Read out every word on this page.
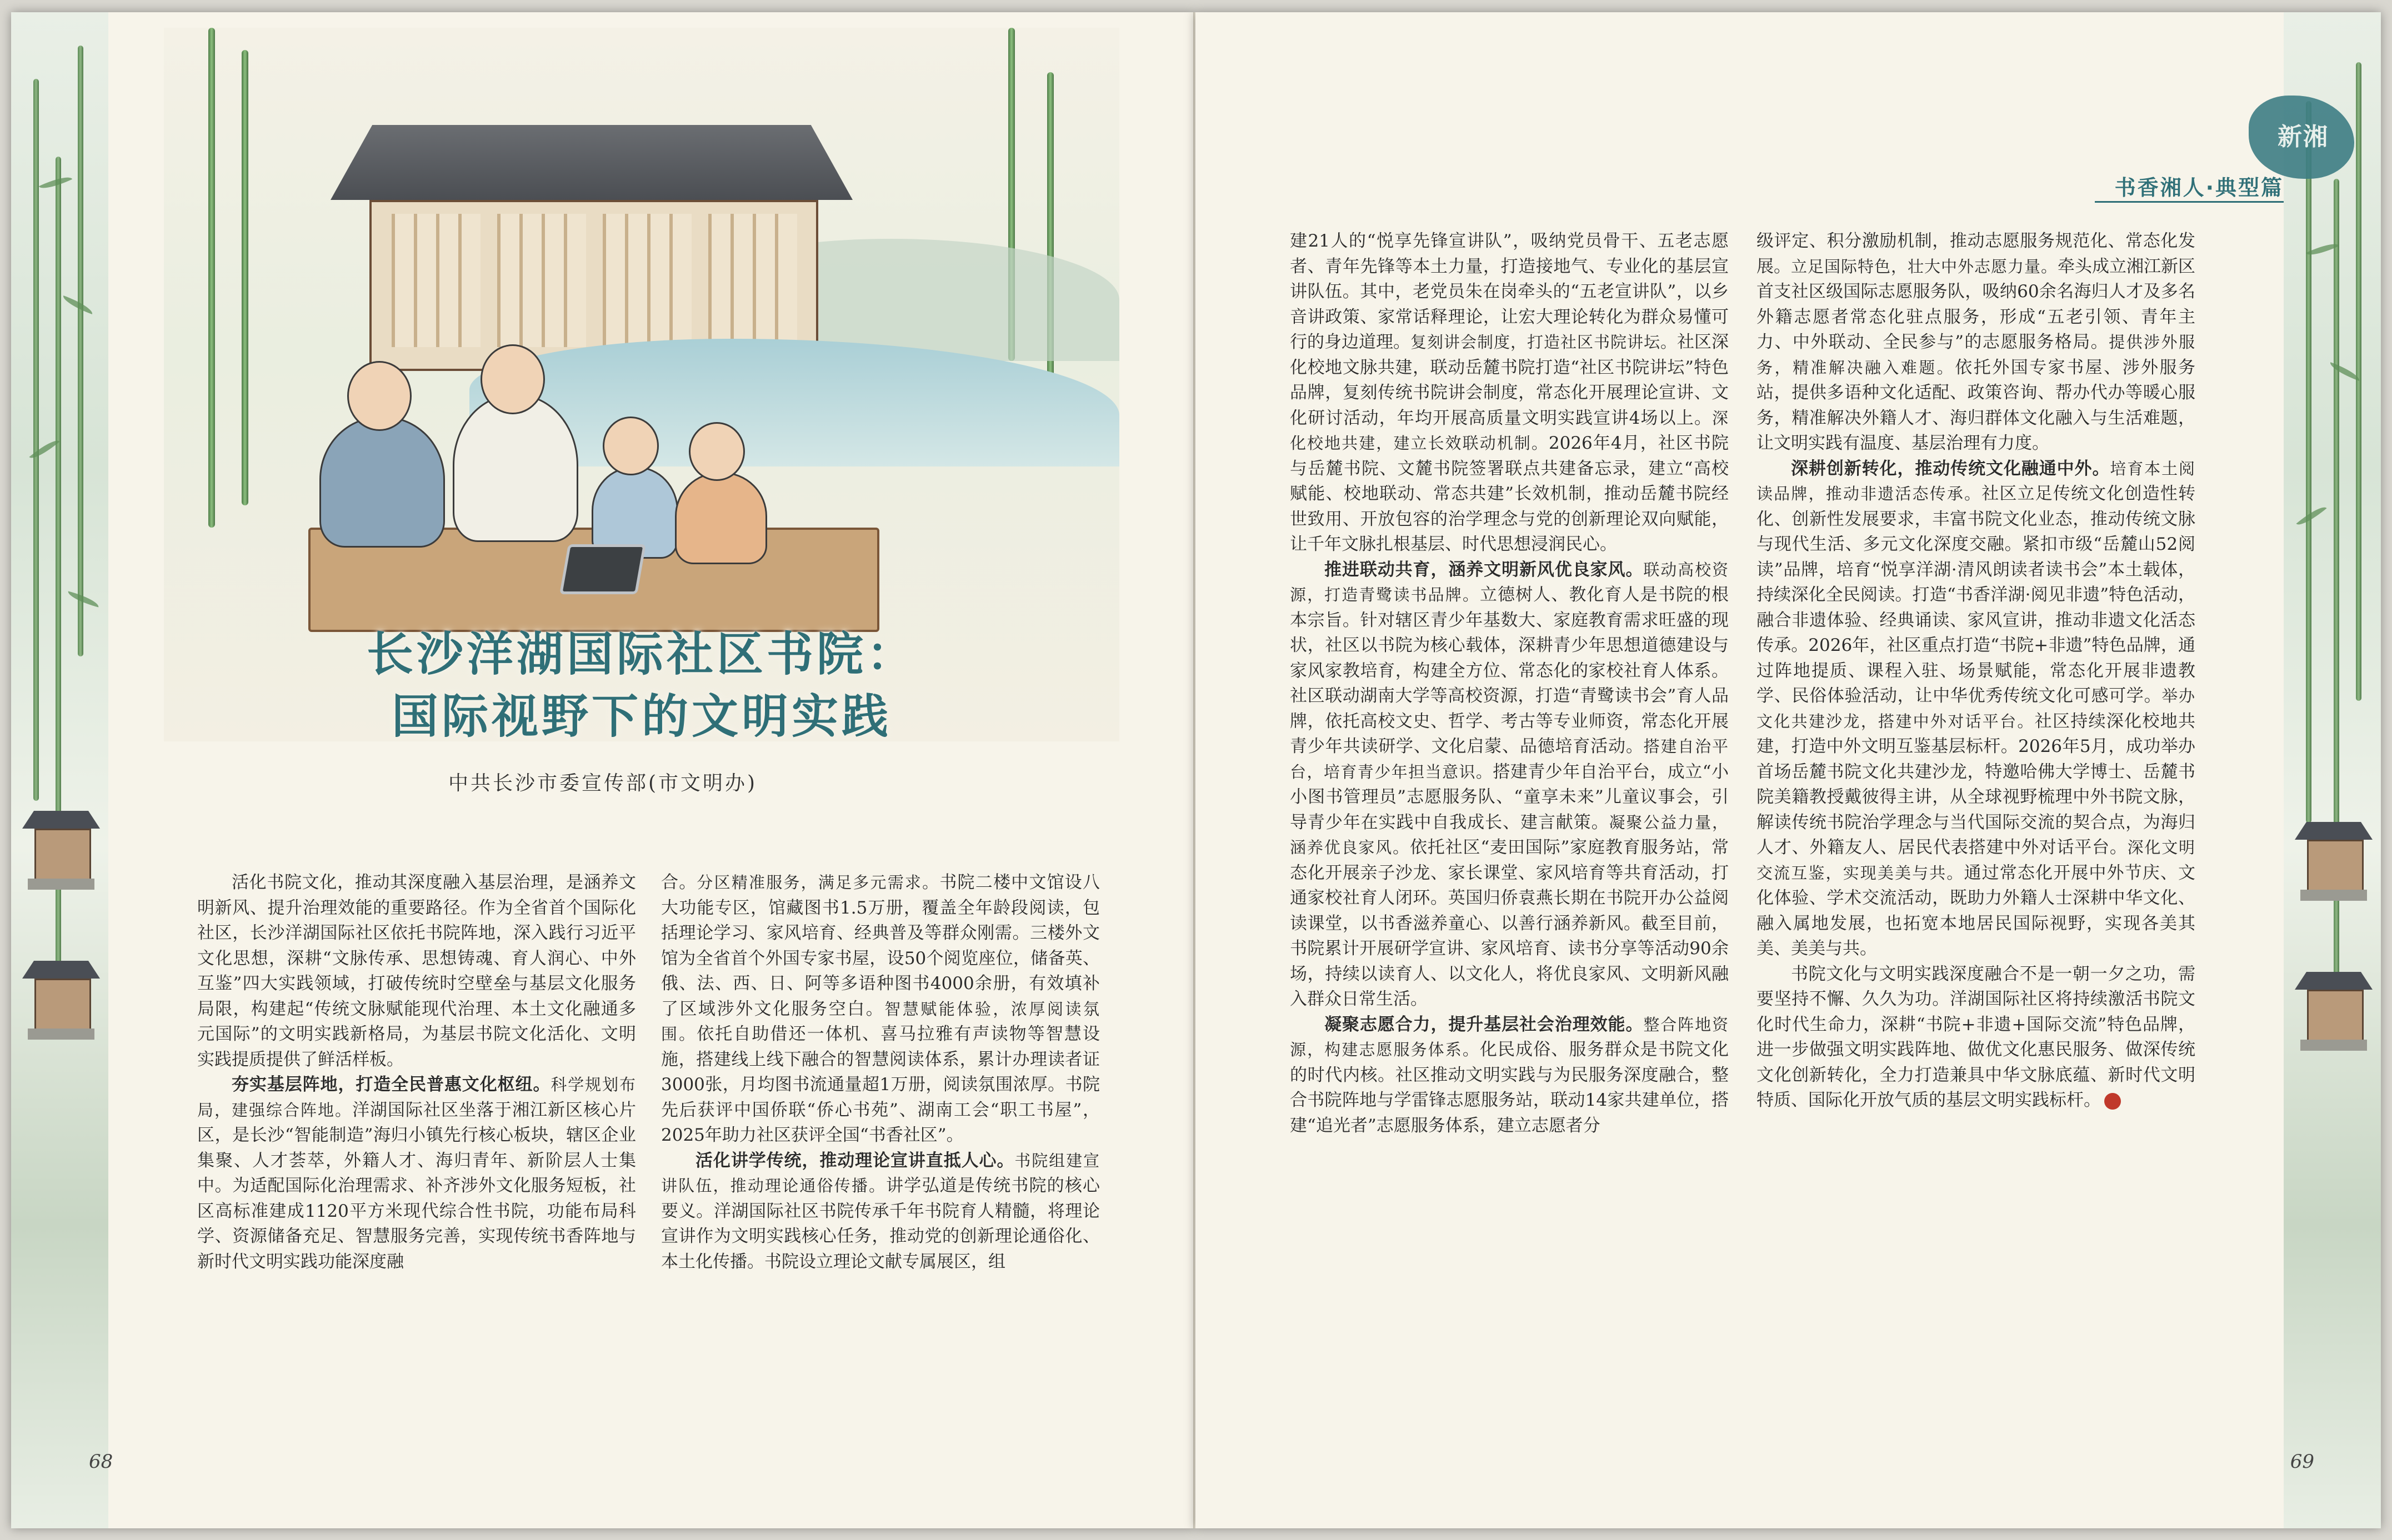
长沙洋湖国际社区书院：
国际视野下的文明实践
中共长沙市委宣传部(市文明办)

活化书院文化，推动其深度融入基层治理，是涵养文明新风、提升治理效能的重要路径。作为全省首个国际化社区，长沙洋湖国际社区依托书院阵地，深入践行习近平文化思想，深耕“文脉传承、思想铸魂、育人润心、中外互鉴”四大实践领域，打破传统时空壁垒与基层文化服务局限，构建起“传统文脉赋能现代治理、本土文化融通多元国际”的文明实践新格局，为基层书院文化活化、文明实践提质提供了鲜活样板。

夯实基层阵地，打造全民普惠文化枢纽。科学规划布局，建强综合阵地。洋湖国际社区坐落于湘江新区核心片区，是长沙“智能制造”海归小镇先行核心板块，辖区企业集聚、人才荟萃，外籍人才、海归青年、新阶层人士集中。为适配国际化治理需求、补齐涉外文化服务短板，社区高标准建成1120平方米现代综合性书院，功能布局科学、资源储备充足、智慧服务完善，实现传统书香阵地与新时代文明实践功能深度融

合。分区精准服务，满足多元需求。书院二楼中文馆设八大功能专区，馆藏图书1.5万册，覆盖全年龄段阅读，包括理论学习、家风培育、经典普及等群众刚需。三楼外文馆为全省首个外国专家书屋，设50个阅览座位，储备英、俄、法、西、日、阿等多语种图书4000余册，有效填补了区域涉外文化服务空白。智慧赋能体验，浓厚阅读氛围。依托自助借还一体机、喜马拉雅有声读物等智慧设施，搭建线上线下融合的智慧阅读体系，累计办理读者证3000张，月均图书流通量超1万册，阅读氛围浓厚。书院先后获评中国侨联“侨心书苑”、湖南工会“职工书屋”，2025年助力社区获评全国“书香社区”。

活化讲学传统，推动理论宣讲直抵人心。书院组建宣讲队伍，推动理论通俗传播。讲学弘道是传统书院的核心要义。洋湖国际社区书院传承千年书院育人精髓，将理论宣讲作为文明实践核心任务，推动党的创新理论通俗化、本土化传播。书院设立理论文献专属展区，组

68
新湘
书香湘人·典型篇

建21人的“悦享先锋宣讲队”，吸纳党员骨干、五老志愿者、青年先锋等本土力量，打造接地气、专业化的基层宣讲队伍。其中，老党员朱在岗牵头的“五老宣讲队”，以乡音讲政策、家常话释理论，让宏大理论转化为群众易懂可行的身边道理。复刻讲会制度，打造社区书院讲坛。社区深化校地文脉共建，联动岳麓书院打造“社区书院讲坛”特色品牌，复刻传统书院讲会制度，常态化开展理论宣讲、文化研讨活动，年均开展高质量文明实践宣讲4场以上。深化校地共建，建立长效联动机制。2026年4月，社区书院与岳麓书院、文麓书院签署联点共建备忘录，建立“高校赋能、校地联动、常态共建”长效机制，推动岳麓书院经世致用、开放包容的治学理念与党的创新理论双向赋能，让千年文脉扎根基层、时代思想浸润民心。

推进联动共育，涵养文明新风优良家风。联动高校资源，打造青鹭读书品牌。立德树人、教化育人是书院的根本宗旨。针对辖区青少年基数大、家庭教育需求旺盛的现状，社区以书院为核心载体，深耕青少年思想道德建设与家风家教培育，构建全方位、常态化的家校社育人体系。社区联动湖南大学等高校资源，打造“青鹭读书会”育人品牌，依托高校文史、哲学、考古等专业师资，常态化开展青少年共读研学、文化启蒙、品德培育活动。搭建自治平台，培育青少年担当意识。搭建青少年自治平台，成立“小小图书管理员”志愿服务队、“童享未来”儿童议事会，引导青少年在实践中自我成长、建言献策。凝聚公益力量，涵养优良家风。依托社区“麦田国际”家庭教育服务站，常态化开展亲子沙龙、家长课堂、家风培育等共育活动，打通家校社育人闭环。英国归侨袁燕长期在书院开办公益阅读课堂，以书香滋养童心、以善行涵养新风。截至目前，书院累计开展研学宣讲、家风培育、读书分享等活动90余场，持续以读育人、以文化人，将优良家风、文明新风融入群众日常生活。

凝聚志愿合力，提升基层社会治理效能。整合阵地资源，构建志愿服务体系。化民成俗、服务群众是书院文化的时代内核。社区推动文明实践与为民服务深度融合，整合书院阵地与学雷锋志愿服务站，联动14家共建单位，搭建“追光者”志愿服务体系，建立志愿者分

级评定、积分激励机制，推动志愿服务规范化、常态化发展。立足国际特色，壮大中外志愿力量。牵头成立湘江新区首支社区级国际志愿服务队，吸纳60余名海归人才及多名外籍志愿者常态化驻点服务，形成“五老引领、青年主力、中外联动、全民参与”的志愿服务格局。提供涉外服务，精准解决融入难题。依托外国专家书屋、涉外服务站，提供多语种文化适配、政策咨询、帮办代办等暖心服务，精准解决外籍人才、海归群体文化融入与生活难题，让文明实践有温度、基层治理有力度。

深耕创新转化，推动传统文化融通中外。培育本土阅读品牌，推动非遗活态传承。社区立足传统文化创造性转化、创新性发展要求，丰富书院文化业态，推动传统文脉与现代生活、多元文化深度交融。紧扣市级“岳麓山52阅读”品牌，培育“悦享洋湖·清风朗读者读书会”本土载体，持续深化全民阅读。打造“书香洋湖·阅见非遗”特色活动，融合非遗体验、经典诵读、家风宣讲，推动非遗文化活态传承。2026年，社区重点打造“书院+非遗”特色品牌，通过阵地提质、课程入驻、场景赋能，常态化开展非遗教学、民俗体验活动，让中华优秀传统文化可感可学。举办文化共建沙龙，搭建中外对话平台。社区持续深化校地共建，打造中外文明互鉴基层标杆。2026年5月，成功举办首场岳麓书院文化共建沙龙，特邀哈佛大学博士、岳麓书院美籍教授戴彼得主讲，从全球视野梳理中外书院文脉，解读传统书院治学理念与当代国际交流的契合点，为海归人才、外籍友人、居民代表搭建中外对话平台。深化文明交流互鉴，实现美美与共。通过常态化开展中外节庆、文化体验、学术交流活动，既助力外籍人士深耕中华文化、融入属地发展，也拓宽本地居民国际视野，实现各美其美、美美与共。

书院文化与文明实践深度融合不是一朝一夕之功，需要坚持不懈、久久为功。洋湖国际社区将持续激活书院文化时代生命力，深耕“书院+非遗+国际交流”特色品牌，进一步做强文明实践阵地、做优文化惠民服务、做深传统文化创新转化，全力打造兼具中华文脉底蕴、新时代文明特质、国际化开放气质的基层文明实践标杆。

69
